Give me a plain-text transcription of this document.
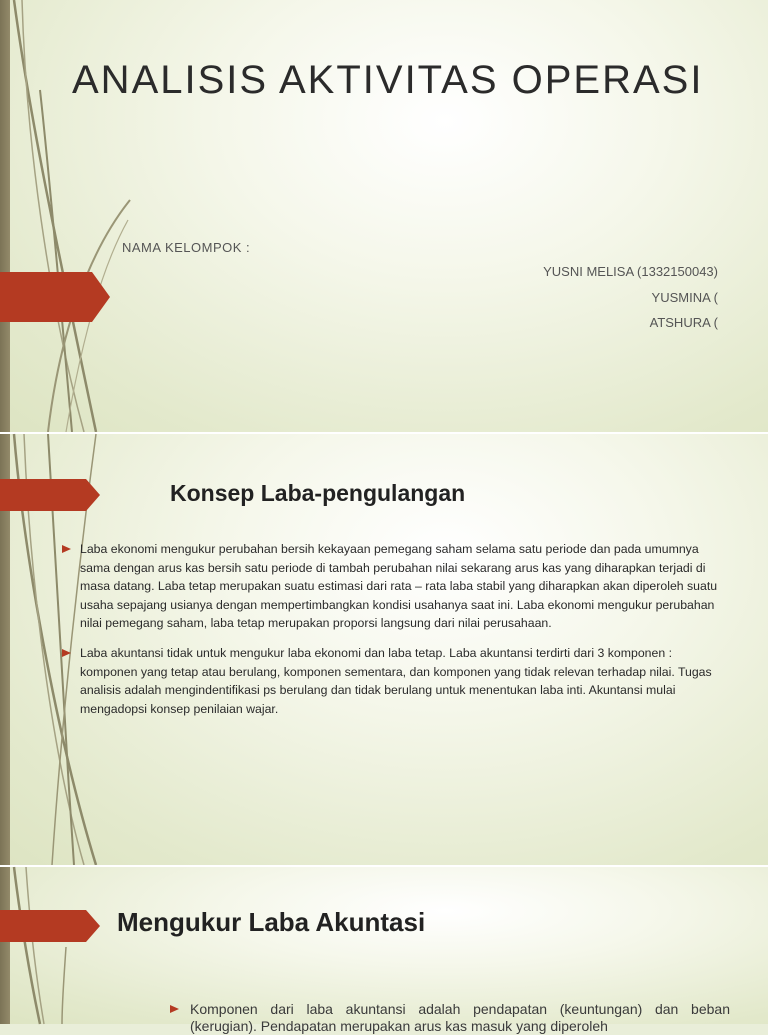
ANALISIS AKTIVITAS OPERASI
NAMA KELOMPOK :
YUSNI MELISA (1332150043)
YUSMINA (
ATSHURA (
Konsep Laba-pengulangan
Laba ekonomi mengukur perubahan bersih kekayaan pemegang saham selama satu periode dan pada umumnya sama dengan arus kas bersih satu periode di tambah perubahan nilai sekarang arus kas yang diharapkan terjadi di masa datang. Laba tetap merupakan suatu estimasi dari rata – rata laba stabil yang diharapkan akan diperoleh suatu usaha sepajang usianya dengan mempertimbangkan kondisi usahanya saat ini. Laba ekonomi mengukur perubahan nilai pemegang saham, laba tetap merupakan proporsi langsung dari nilai perusahaan.
Laba akuntansi tidak untuk mengukur laba ekonomi dan laba tetap. Laba akuntansi terdirti dari 3 komponen : komponen yang tetap atau berulang, komponen sementara, dan komponen yang tidak relevan terhadap nilai. Tugas analisis adalah mengindentifikasi ps berulang dan tidak berulang untuk menentukan laba inti. Akuntansi mulai mengadopsi konsep penilaian wajar.
Mengukur Laba Akuntasi
Komponen dari laba akuntansi adalah pendapatan (keuntungan) dan beban (kerugian). Pendapatan merupakan arus kas masuk yang diperoleh
